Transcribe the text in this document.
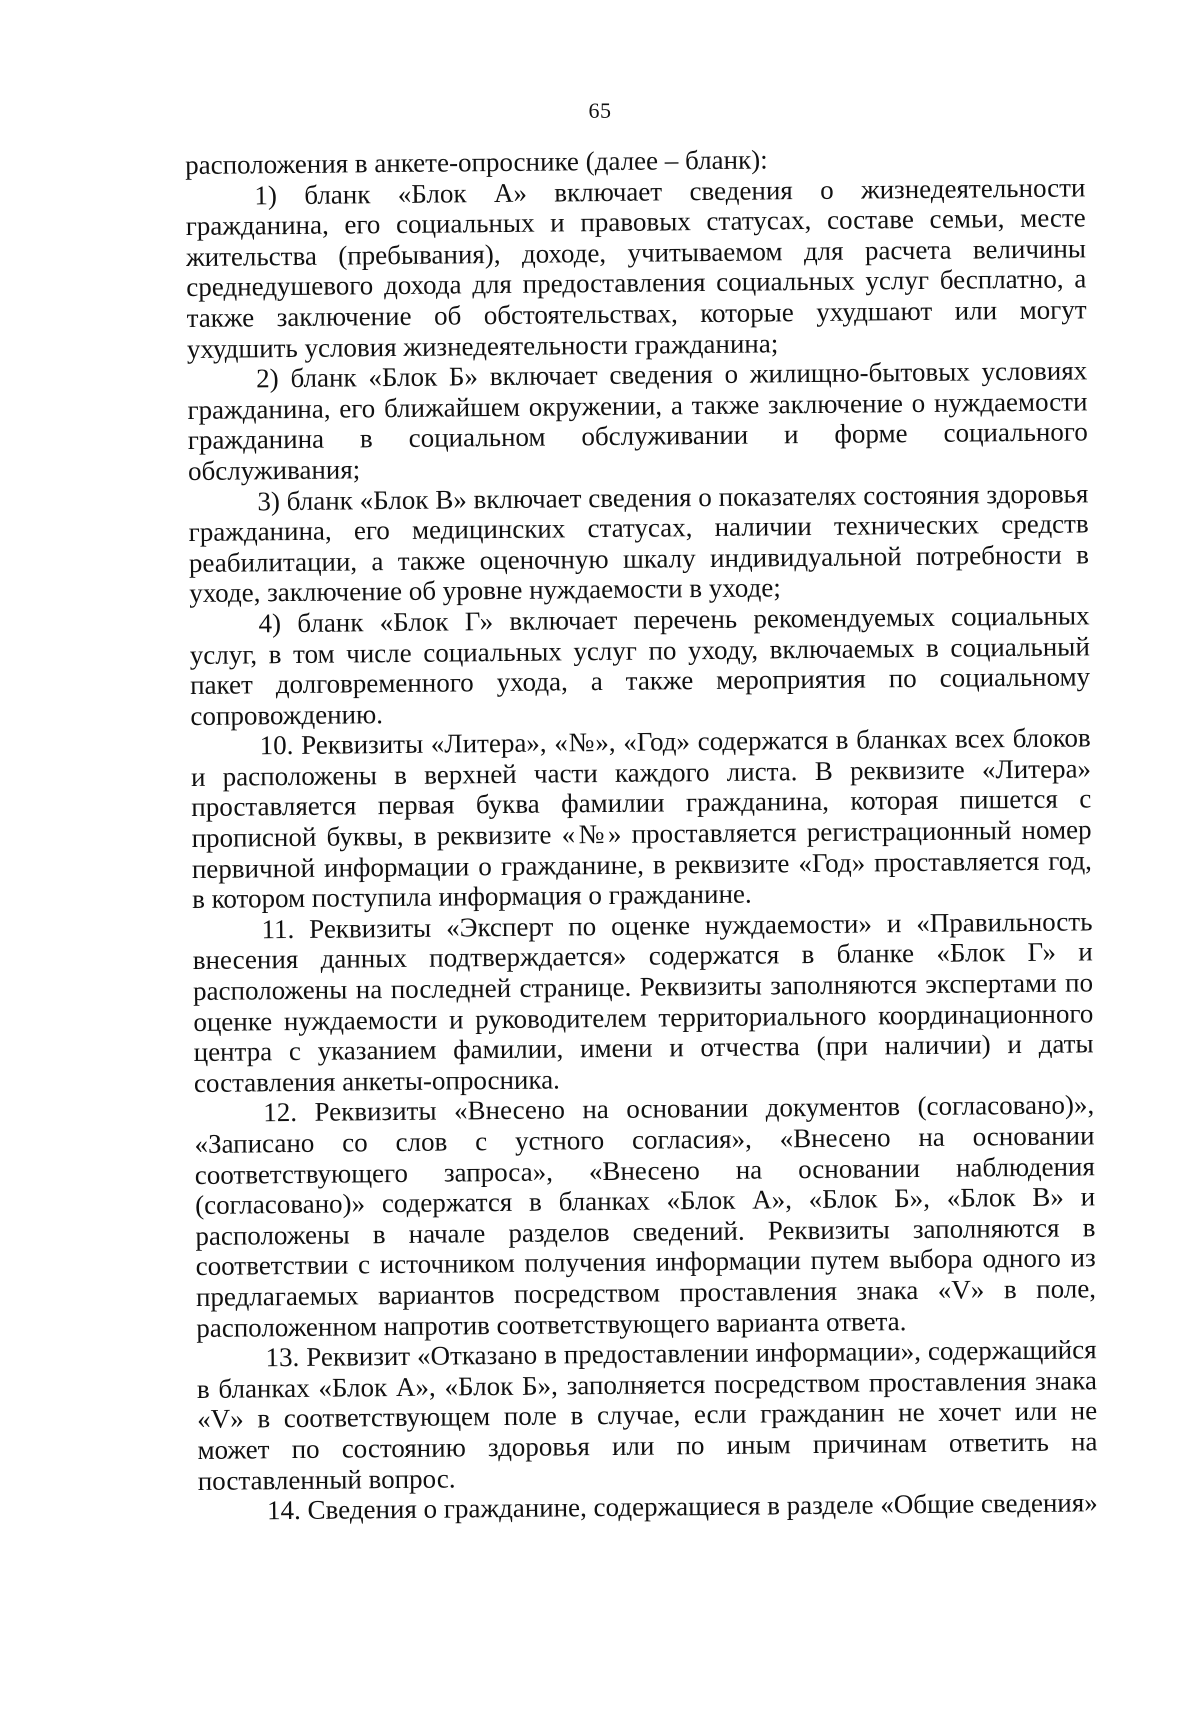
65

расположения в анкете-опроснике (далее – бланк):

1) бланк «Блок А» включает сведения о жизнедеятельности гражданина, его социальных и правовых статусах, составе семьи, месте жительства (пребывания), доходе, учитываемом для расчета величины среднедушевого дохода для предоставления социальных услуг бесплатно, а также заключение об обстоятельствах, которые ухудшают или могут ухудшить условия жизнедеятельности гражданина;

2) бланк «Блок Б» включает сведения о жилищно-бытовых условиях гражданина, его ближайшем окружении, а также заключение о нуждаемости гражданина в социальном обслуживании и форме социального обслуживания;

3) бланк «Блок В» включает сведения о показателях состояния здоровья гражданина, его медицинских статусах, наличии технических средств реабилитации, а также оценочную шкалу индивидуальной потребности в уходе, заключение об уровне нуждаемости в уходе;

4) бланк «Блок Г» включает перечень рекомендуемых социальных услуг, в том числе социальных услуг по уходу, включаемых в социальный пакет долговременного ухода, а также мероприятия по социальному сопровождению.

10. Реквизиты «Литера», «№», «Год» содержатся в бланках всех блоков и расположены в верхней части каждого листа. В реквизите «Литера» проставляется первая буква фамилии гражданина, которая пишется с прописной буквы, в реквизите «№» проставляется регистрационный номер первичной информации о гражданине, в реквизите «Год» проставляется год, в котором поступила информация о гражданине.

11. Реквизиты «Эксперт по оценке нуждаемости» и «Правильность внесения данных подтверждается» содержатся в бланке «Блок Г» и расположены на последней странице. Реквизиты заполняются экспертами по оценке нуждаемости и руководителем территориального координационного центра с указанием фамилии, имени и отчества (при наличии) и даты составления анкеты-опросника.

12. Реквизиты «Внесено на основании документов (согласовано)», «Записано со слов с устного согласия», «Внесено на основании соответствующего запроса», «Внесено на основании наблюдения (согласовано)» содержатся в бланках «Блок А», «Блок Б», «Блок В» и расположены в начале разделов сведений. Реквизиты заполняются в соответствии с источником получения информации путем выбора одного из предлагаемых вариантов посредством проставления знака «V» в поле, расположенном напротив соответствующего варианта ответа.

13. Реквизит «Отказано в предоставлении информации», содержащийся в бланках «Блок А», «Блок Б», заполняется посредством проставления знака «V» в соответствующем поле в случае, если гражданин не хочет или не может по состоянию здоровья или по иным причинам ответить на поставленный вопрос.

14. Сведения о гражданине, содержащиеся в разделе «Общие сведения»
